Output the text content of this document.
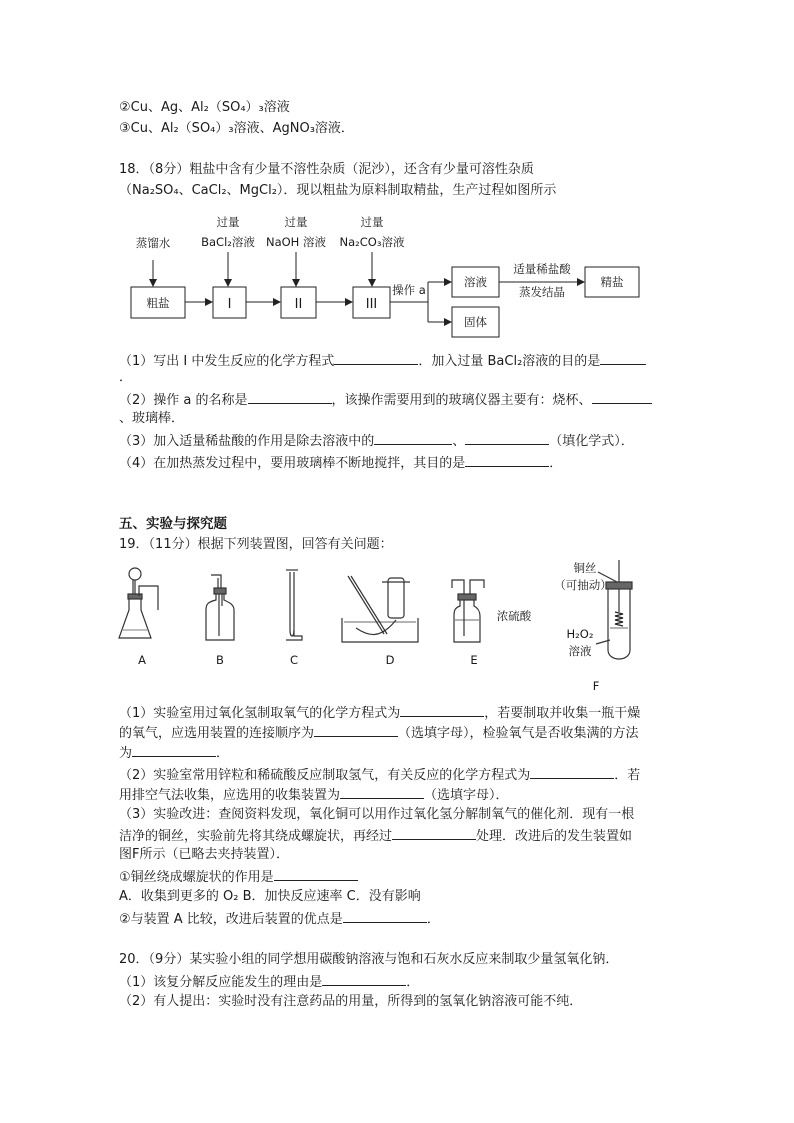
②Cu、Ag、Al₂（SO₄）₃溶液
③Cu、Al₂（SO₄）₃溶液、AgNO₃溶液．
18．（8分）粗盐中含有少量不溶性杂质（泥沙），还含有少量可溶性杂质
（Na₂SO₄、CaCl₂、MgCl₂）．现以粗盐为原料制取精盐，生产过程如图所示
蒸馏水
过量
BaCl₂溶液
过量
NaOH 溶液
过量
Na₂CO₃溶液
粗盐	I	II	III
操作 a
溶液
固体
适量稀盐酸
蒸发结晶
精盐
（1）写出 I 中发生反应的化学方程式	．加入过量 BaCl₂溶液的目的是
．
（2）操作 a 的名称是	，该操作需要用到的玻璃仪器主要有：烧杯、
、玻璃棒．
（3）加入适量稀盐酸的作用是除去溶液中的	、	（填化学式）．
（4）在加热蒸发过程中，要用玻璃棒不断地搅拌，其目的是	．
五、实验与探究题
19．（11分）根据下列装置图，回答有关问题：
A	B	C	D	E
F
铜丝
（可抽动）
浓硫酸
H₂O₂
溶液
（1）实验室用过氧化氢制取氧气的化学方程式为	，若要制取并收集一瓶干燥
的氧气，应选用装置的连接顺序为	（选填字母），检验氧气是否收集满的方法
为	．
（2）实验室常用锌粒和稀硫酸反应制取氢气，有关反应的化学方程式为	．若
用排空气法收集，应选用的收集装置为	（选填字母）．
（3）实验改进：查阅资料发现，氧化铜可以用作过氧化氢分解制氧气的催化剂．现有一根
洁净的铜丝，实验前先将其绕成螺旋状，再经过	处理．改进后的发生装置如
图F所示（已略去夹持装置）．
①铜丝绕成螺旋状的作用是
A．收集到更多的 O₂ B．加快反应速率 C．没有影响
②与装置 A 比较，改进后装置的优点是	．
20．（9分）某实验小组的同学想用碳酸钠溶液与饱和石灰水反应来制取少量氢氧化钠．
（1）该复分解反应能发生的理由是	．
（2）有人提出：实验时没有注意药品的用量，所得到的氢氧化钠溶液可能不纯．
